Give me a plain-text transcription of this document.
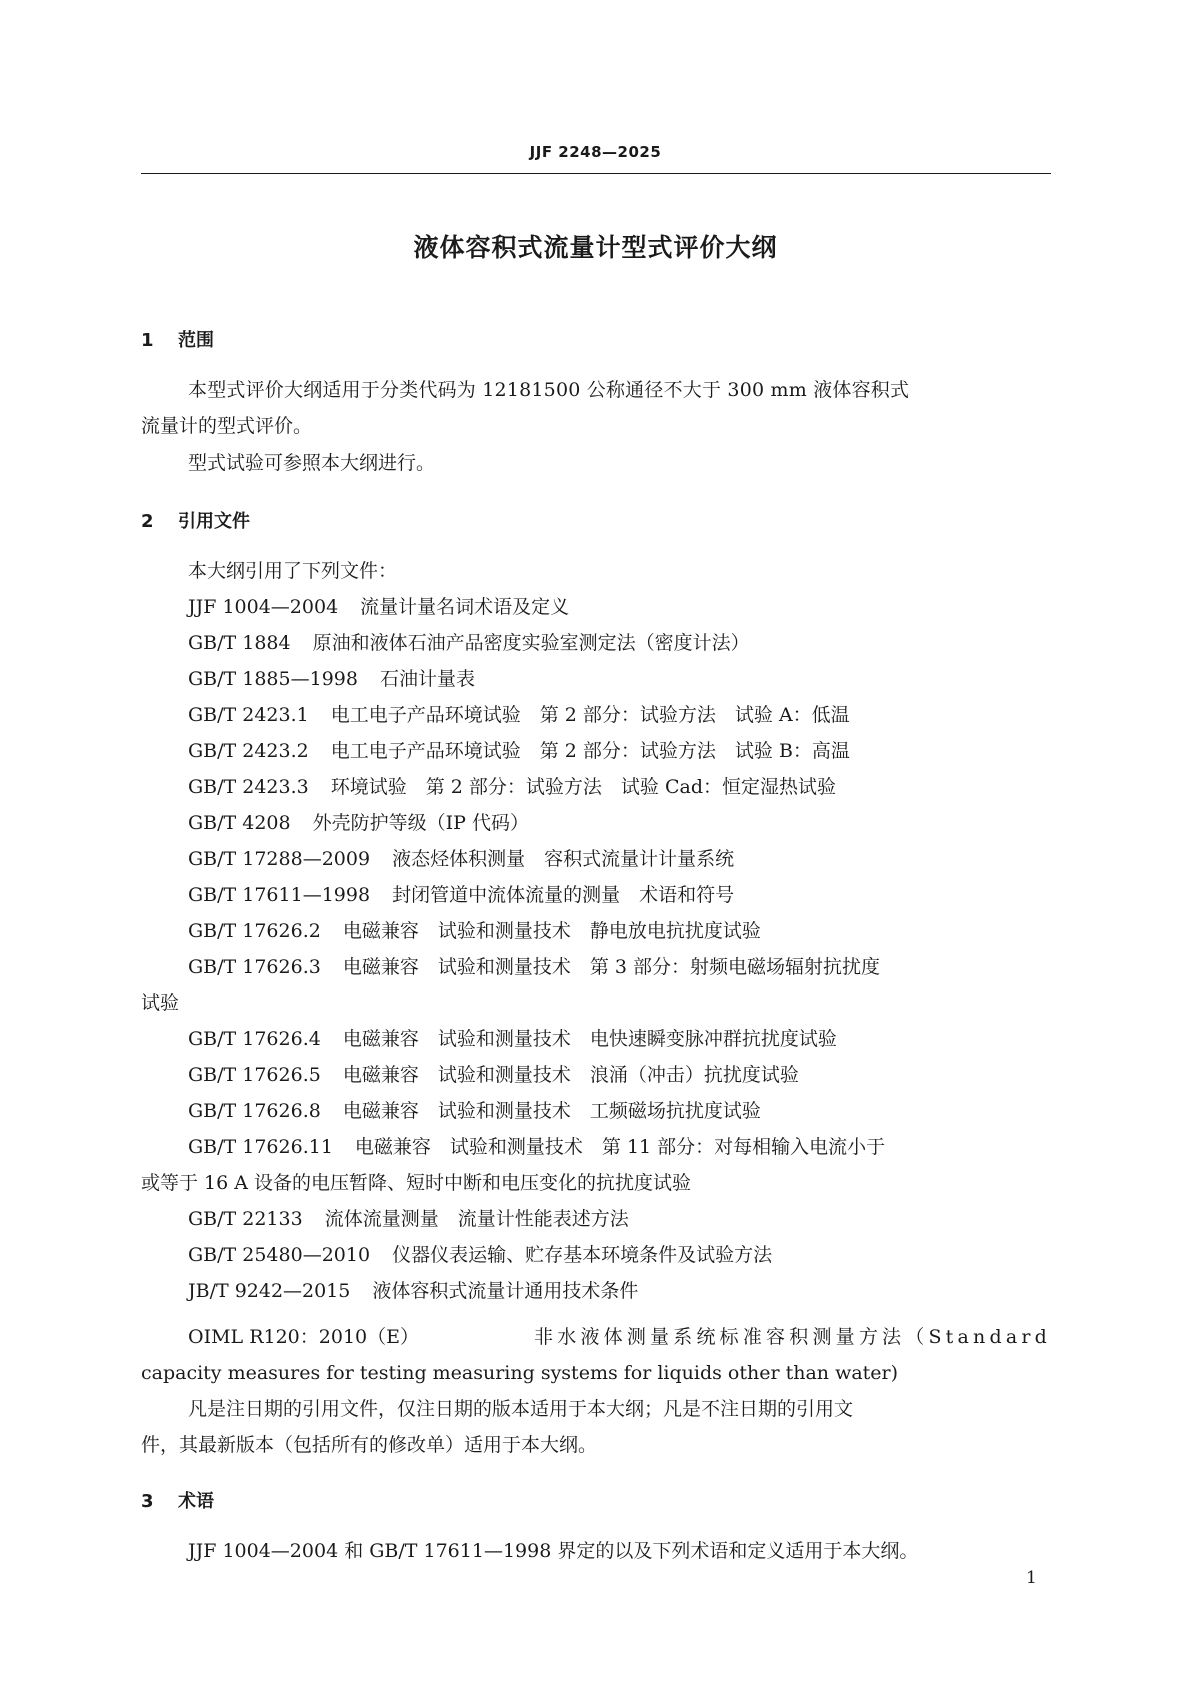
JJF 2248—2025
液体容积式流量计型式评价大纲
1 范围
本型式评价大纲适用于分类代码为 12181500 公称通径不大于 300 mm 液体容积式
流量计的型式评价。
型式试验可参照本大纲进行。
2 引用文件
本大纲引用了下列文件：
JJF 1004—2004 流量计量名词术语及定义
GB/T 1884 原油和液体石油产品密度实验室测定法（密度计法）
GB/T 1885—1998 石油计量表
GB/T 2423.1 电工电子产品环境试验　第 2 部分：试验方法　试验 A：低温
GB/T 2423.2 电工电子产品环境试验　第 2 部分：试验方法　试验 B：高温
GB/T 2423.3 环境试验　第 2 部分：试验方法　试验 Cad：恒定湿热试验
GB/T 4208 外壳防护等级（IP 代码）
GB/T 17288—2009 液态烃体积测量　容积式流量计计量系统
GB/T 17611—1998 封闭管道中流体流量的测量　术语和符号
GB/T 17626.2 电磁兼容　试验和测量技术　静电放电抗扰度试验
GB/T 17626.3 电磁兼容　试验和测量技术　第 3 部分：射频电磁场辐射抗扰度
试验
GB/T 17626.4 电磁兼容　试验和测量技术　电快速瞬变脉冲群抗扰度试验
GB/T 17626.5 电磁兼容　试验和测量技术　浪涌（冲击）抗扰度试验
GB/T 17626.8 电磁兼容　试验和测量技术　工频磁场抗扰度试验
GB/T 17626.11 电磁兼容　试验和测量技术　第 11 部分：对每相输入电流小于
或等于 16 A 设备的电压暂降、短时中断和电压变化的抗扰度试验
GB/T 22133 流体流量测量　流量计性能表述方法
GB/T 25480—2010 仪器仪表运输、贮存基本环境条件及试验方法
JB/T 9242—2015 液体容积式流量计通用技术条件
OIML R120：2010（E）	非水液体测量系统标准容积测量方法（Standard
capacity measures for testing measuring systems for liquids other than water)
凡是注日期的引用文件，仅注日期的版本适用于本大纲；凡是不注日期的引用文
件，其最新版本（包括所有的修改单）适用于本大纲。
3 术语
JJF 1004—2004 和 GB/T 17611—1998 界定的以及下列术语和定义适用于本大纲。
1
